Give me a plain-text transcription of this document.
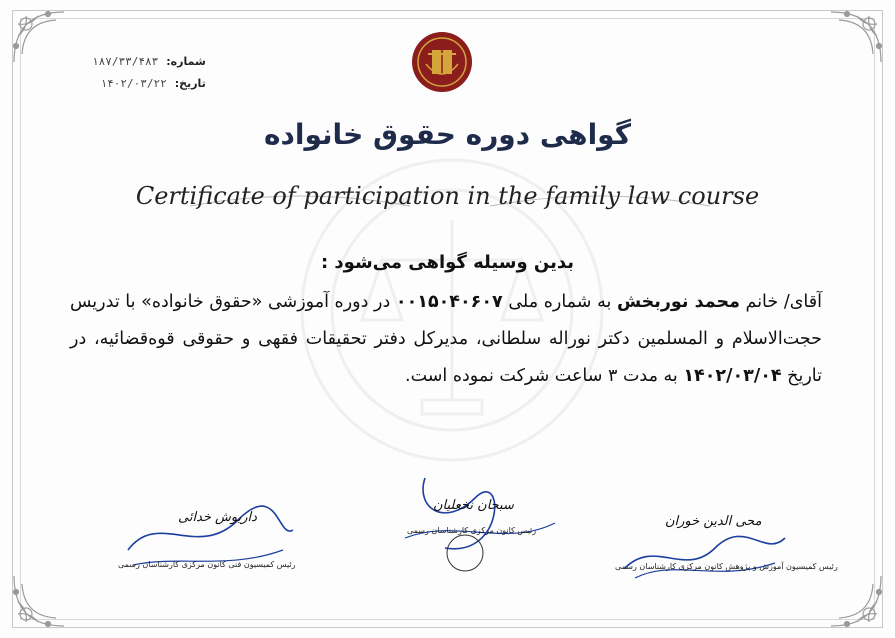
شماره:
۱۸۷/۳۳/۴۸۳
تاریخ:
۱۴۰۲/۰۳/۲۲
گواهی دوره حقوق خانواده
Certificate of participation in the family law course
بدین وسیله گواهی می‌شود :
آقای/ خانم محمد نوربخش به شماره ملی ۰۰۱۵۰۴۰۶۰۷ در دوره آموزشی «حقوق خانواده» با تدریس حجت‌الاسلام و المسلمین دکتر نوراله سلطانی، مدیرکل دفتر تحقیقات فقهی و حقوقی قوه‌قضائیه، در تاریخ ۱۴۰۲/۰۳/۰۴ به مدت ۳ ساعت شرکت نموده است.
محی الدین خوران
رئیس کمیسیون آموزش و پژوهش کانون مرکزی کارشناسان رسمی
سبحان نخعلیان
رئیس کانون مرکزی کارشناسان رسمی
داریوش خدائی
رئیس کمیسیون فنی کانون مرکزی کارشناسان رسمی
